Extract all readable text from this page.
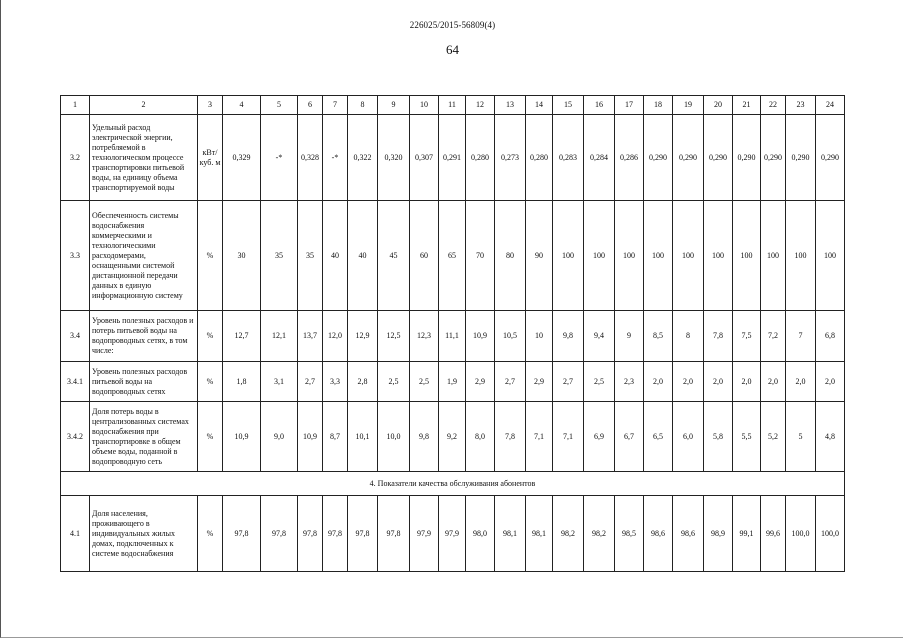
226025/2015-56809(4)
64
1	2	3	4	5	6	7	8	9	10	11	12	13	14	15	16	17	18	19	20	21	22	23	24
3.2	Удельный расход электрической энергии, потребляемой в технологическом процессе транспортировки питьевой воды, на единицу объема транспортируемой воды	кВт/ куб. м	0,329	-*	0,328	-*	0,322	0,320	0,307	0,291	0,280	0,273	0,280	0,283	0,284	0,286	0,290	0,290	0,290	0,290	0,290	0,290	0,290
3.3	Обеспеченность системы водоснабжения коммерческими и технологическими расходомерами, оснащенными системой дистанционной передачи данных в единую информационную систему	%	30	35	35	40	40	45	60	65	70	80	90	100	100	100	100	100	100	100	100	100	100
3.4	Уровень полезных расходов и потерь питьевой воды на водопроводных сетях, в том числе:	%	12,7	12,1	13,7	12,0	12,9	12,5	12,3	11,1	10,9	10,5	10	9,8	9,4	9	8,5	8	7,8	7,5	7,2	7	6,8
3.4.1	Уровень полезных расходов питьевой воды на водопроводных сетях	%	1,8	3,1	2,7	3,3	2,8	2,5	2,5	1,9	2,9	2,7	2,9	2,7	2,5	2,3	2,0	2,0	2,0	2,0	2,0	2,0	2,0
3.4.2	Доля потерь воды в централизованных системах водоснабжения при транспортировке в общем объеме воды, поданной в водопроводную сеть	%	10,9	9,0	10,9	8,7	10,1	10,0	9,8	9,2	8,0	7,8	7,1	7,1	6,9	6,7	6,5	6,0	5,8	5,5	5,2	5	4,8
4. Показатели качества обслуживания абонентов																							
4.1	Доля населения, проживающего в индивидуальных жилых домах, подключенных к системе водоснабжения	%	97,8	97,8	97,8	97,8	97,8	97,8	97,9	97,9	98,0	98,1	98,1	98,2	98,2	98,5	98,6	98,6	98,9	99,1	99,6	100,0	100,0
